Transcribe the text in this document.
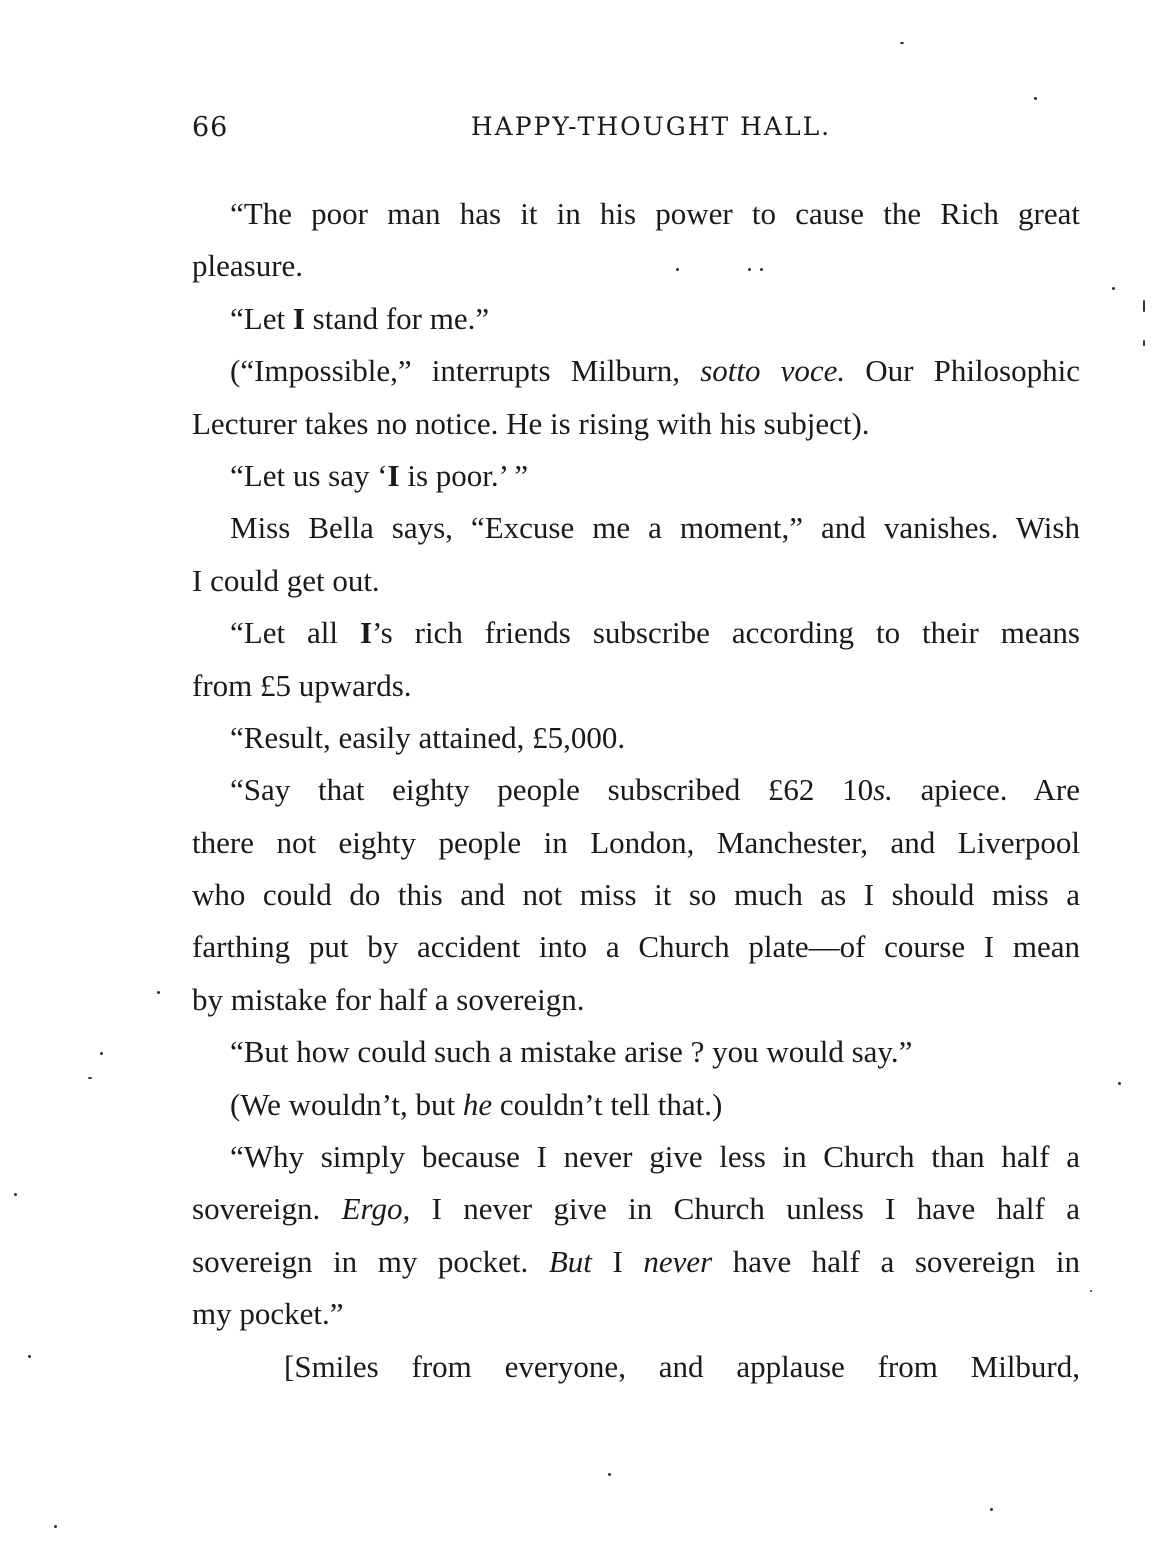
66	HAPPY-THOUGHT HALL.
“The poor man has it in his power to cause the Rich great
pleasure.
“Let I stand for me.”
(“Impossible,” interrupts Milburn, sotto voce. Our Philosophic
Lecturer takes no notice. He is rising with his subject).
“Let us say ‘I is poor.’ ”
Miss Bella says, “Excuse me a moment,” and vanishes. Wish
I could get out.
“Let all I’s rich friends subscribe according to their means
from £5 upwards.
“Result, easily attained, £5,000.
“Say that eighty people subscribed £62 10s. apiece. Are
there not eighty people in London, Manchester, and Liverpool
who could do this and not miss it so much as I should miss a
farthing put by accident into a Church plate—of course I mean
by mistake for half a sovereign.
“But how could such a mistake arise ? you would say.”
(We wouldn’t, but he couldn’t tell that.)
“Why simply because I never give less in Church than half a
sovereign. Ergo, I never give in Church unless I have half a
sovereign in my pocket. But I never have half a sovereign in
my pocket.”
[Smiles from everyone, and applause from Milburd,
